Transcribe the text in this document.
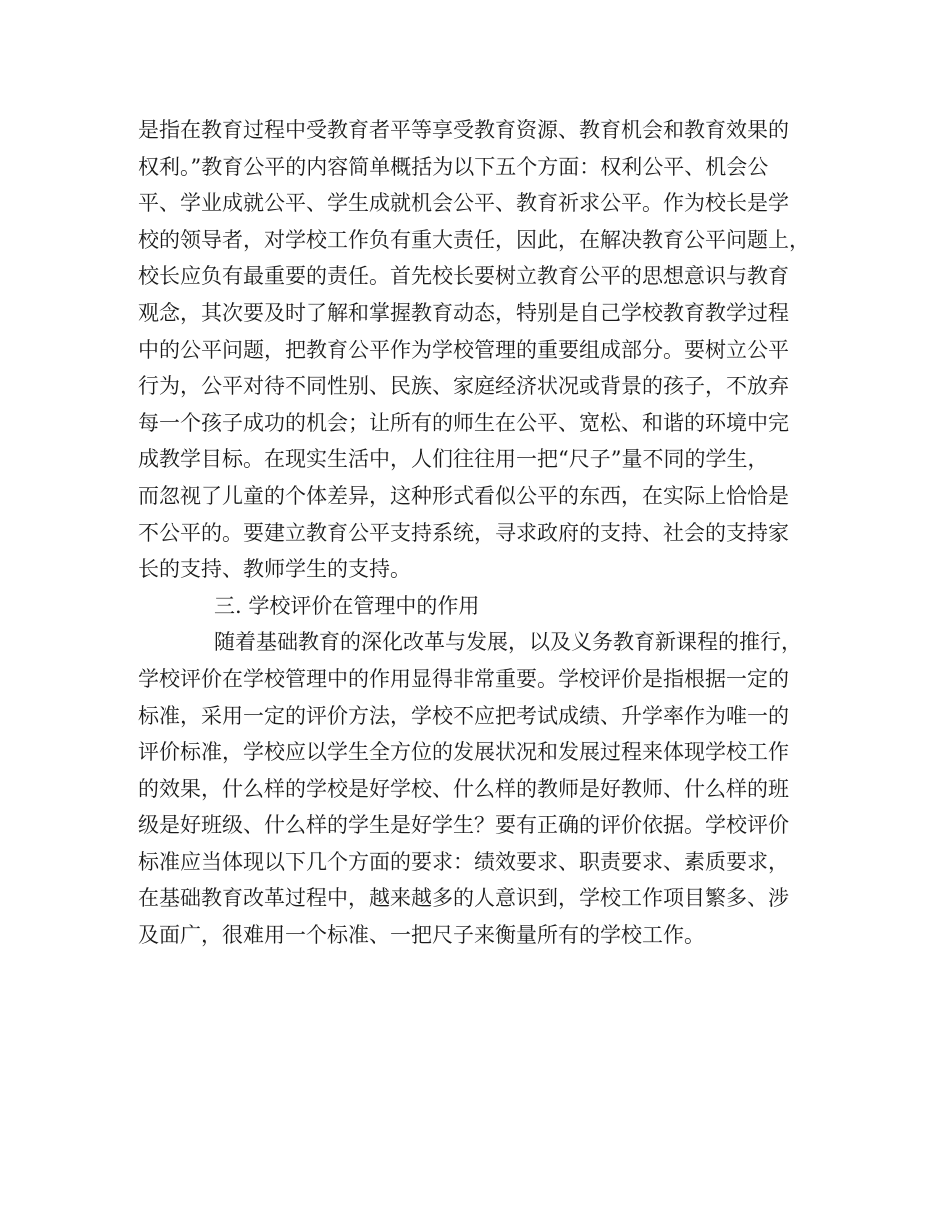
是指在教育过程中受教育者平等享受教育资源、教育机会和教育效果的
权利。”教育公平的内容简单概括为以下五个方面：权利公平、机会公
平、学业成就公平、学生成就机会公平、教育祈求公平。作为校长是学
校的领导者，对学校工作负有重大责任，因此，在解决教育公平问题上，
校长应负有最重要的责任。首先校长要树立教育公平的思想意识与教育
观念，其次要及时了解和掌握教育动态，特别是自己学校教育教学过程
中的公平问题，把教育公平作为学校管理的重要组成部分。要树立公平
行为，公平对待不同性别、民族、家庭经济状况或背景的孩子，不放弃
每一个孩子成功的机会；让所有的师生在公平、宽松、和谐的环境中完
成教学目标。在现实生活中，人们往往用一把“尺子”量不同的学生，
而忽视了儿童的个体差异，这种形式看似公平的东西，在实际上恰恰是
不公平的。要建立教育公平支持系统，寻求政府的支持、社会的支持家
长的支持、教师学生的支持。
三. 学校评价在管理中的作用
随着基础教育的深化改革与发展，以及义务教育新课程的推行，
学校评价在学校管理中的作用显得非常重要。学校评价是指根据一定的
标准，采用一定的评价方法，学校不应把考试成绩、升学率作为唯一的
评价标准，学校应以学生全方位的发展状况和发展过程来体现学校工作
的效果，什么样的学校是好学校、什么样的教师是好教师、什么样的班
级是好班级、什么样的学生是好学生？要有正确的评价依据。学校评价
标准应当体现以下几个方面的要求：绩效要求、职责要求、素质要求，
在基础教育改革过程中，越来越多的人意识到，学校工作项目繁多、涉
及面广，很难用一个标准、一把尺子来衡量所有的学校工作。
